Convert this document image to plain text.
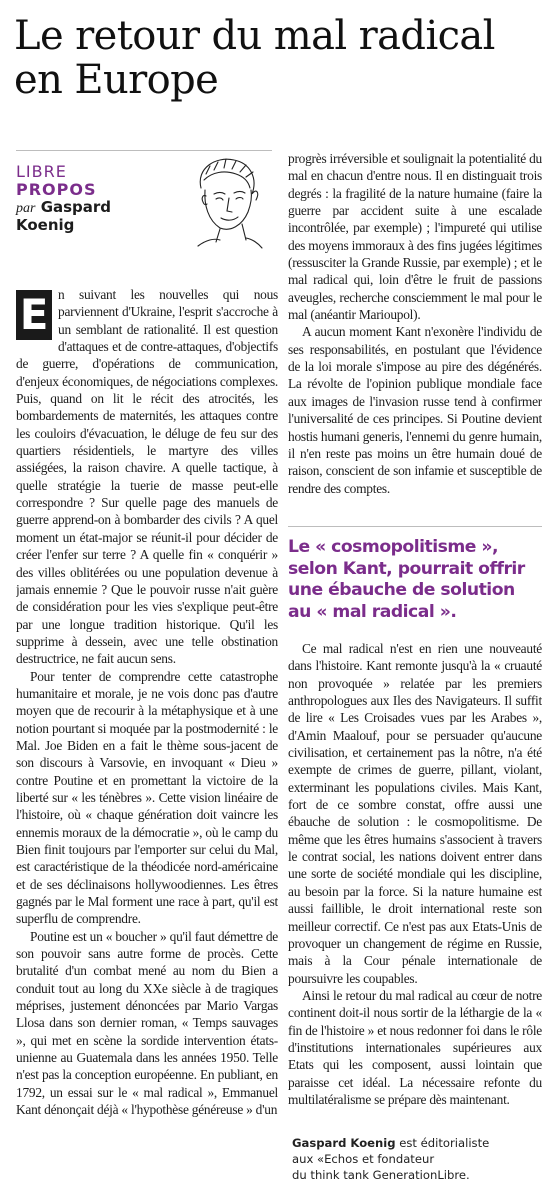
Le retour du mal radical
en Europe
LIBRE
PROPOS
par Gaspard
Koenig
E n suivant les nouvelles qui nous parviennent d'Ukraine, l'esprit s'accroche à un semblant de rationalité. Il est question d'attaques et de contre-attaques, d'objectifs de guerre, d'opérations de communication, d'enjeux économiques, de négociations complexes. Puis, quand on lit le récit des atrocités, les bombardements de maternités, les attaques contre les couloirs d'évacuation, le déluge de feu sur des quartiers résidentiels, le martyre des villes assiégées, la raison chavire. A quelle tactique, à quelle stratégie la tuerie de masse peut-elle correspondre ? Sur quelle page des manuels de guerre apprend-on à bombarder des civils ? A quel moment un état-major se réunit-il pour décider de créer l'enfer sur terre ? A quelle fin « conquérir » des villes oblitérées ou une population devenue à jamais ennemie ? Que le pouvoir russe n'ait guère de considération pour les vies s'explique peut-être par une longue tradition historique. Qu'il les supprime à dessein, avec une telle obstination destructrice, ne fait aucun sens.

Pour tenter de comprendre cette catastrophe humanitaire et morale, je ne vois donc pas d'autre moyen que de recourir à la métaphysique et à une notion pourtant si moquée par la postmodernité : le Mal. Joe Biden en a fait le thème sous-jacent de son discours à Varsovie, en invoquant « Dieu » contre Poutine et en promettant la victoire de la liberté sur « les ténèbres ». Cette vision linéaire de l'histoire, où « chaque génération doit vaincre les ennemis moraux de la démocratie », où le camp du Bien finit toujours par l'emporter sur celui du Mal, est caractéristique de la théodicée nord-américaine et de ses déclinaisons hollywoodiennes. Les êtres gagnés par le Mal forment une race à part, qu'il est superflu de comprendre.

Poutine est un « boucher » qu'il faut démettre de son pouvoir sans autre forme de procès. Cette brutalité d'un combat mené au nom du Bien a conduit tout au long du XXe siècle à de tragiques méprises, justement dénoncées par Mario Vargas Llosa dans son dernier roman, « Temps sauvages », qui met en scène la sordide intervention états-unienne au Guatemala dans les années 1950. Telle n'est pas la conception européenne. En publiant, en 1792, un essai sur le « mal radical », Emmanuel Kant dénonçait déjà « l'hypothèse généreuse » d'un

progrès irréversible et soulignait la potentialité du mal en chacun d'entre nous. Il en distinguait trois degrés : la fragilité de la nature humaine (faire la guerre par accident suite à une escalade incontrôlée, par exemple) ; l'impureté qui utilise des moyens immoraux à des fins jugées légitimes (ressusciter la Grande Russie, par exemple) ; et le mal radical qui, loin d'être le fruit de passions aveugles, recherche consciemment le mal pour le mal (anéantir Marioupol).

A aucun moment Kant n'exonère l'individu de ses responsabilités, en postulant que l'évidence de la loi morale s'impose au pire des dégénérés. La révolte de l'opinion publique mondiale face aux images de l'invasion russe tend à confirmer l'universalité de ces principes. Si Poutine devient hostis humani generis, l'ennemi du genre humain, il n'en reste pas moins un être humain doué de raison, conscient de son infamie et susceptible de rendre des comptes.

Le « cosmopolitisme », selon Kant, pourrait offrir une ébauche de solution au « mal radical ».

Ce mal radical n'est en rien une nouveauté dans l'histoire. Kant remonte jusqu'à la « cruauté non provoquée » relatée par les premiers anthropologues aux Iles des Navigateurs. Il suffit de lire « Les Croisades vues par les Arabes », d'Amin Maalouf, pour se persuader qu'aucune civilisation, et certainement pas la nôtre, n'a été exempte de crimes de guerre, pillant, violant, exterminant les populations civiles. Mais Kant, fort de ce sombre constat, offre aussi une ébauche de solution : le cosmopolitisme. De même que les êtres humains s'associent à travers le contrat social, les nations doivent entrer dans une sorte de société mondiale qui les discipline, au besoin par la force. Si la nature humaine est aussi faillible, le droit international reste son meilleur correctif. Ce n'est pas aux Etats-Unis de provoquer un changement de régime en Russie, mais à la Cour pénale internationale de poursuivre les coupables.

Ainsi le retour du mal radical au cœur de notre continent doit-il nous sortir de la léthargie de la « fin de l'histoire » et nous redonner foi dans le rôle d'institutions internationales supérieures aux Etats qui les composent, aussi lointain que paraisse cet idéal. La nécessaire refonte du multilatéralisme se prépare dès maintenant.

Gaspard Koenig est éditorialiste
aux «Echos et fondateur
du think tank GenerationLibre.
